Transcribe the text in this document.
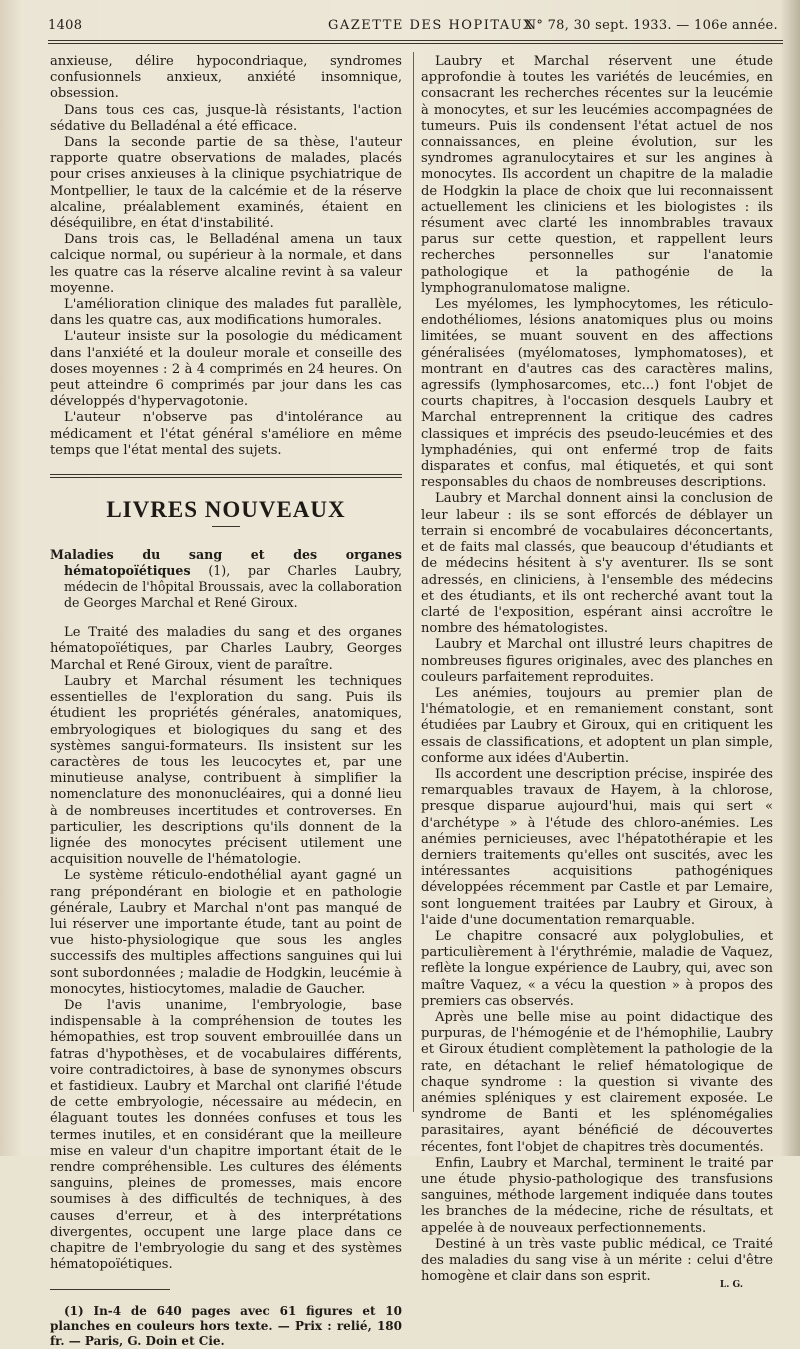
1408	GAZETTE DES HOPITAUX
N° 78, 30 sept. 1933. — 106e année.

anxieuse, délire hypocondriaque, syndromes confusionnels anxieux, anxiété insomnique, obsession.

Dans tous ces cas, jusque-là résistants, l'action sédative du Belladénal a été efficace.

Dans la seconde partie de sa thèse, l'auteur rapporte quatre observations de malades, placés pour crises anxieuses à la clinique psychiatrique de Montpellier, le taux de la calcémie et de la réserve alcaline, préalablement examinés, étaient en déséquilibre, en état d'instabilité.

Dans trois cas, le Belladénal amena un taux calcique normal, ou supérieur à la normale, et dans les quatre cas la réserve alcaline revint à sa valeur moyenne.

L'amélioration clinique des malades fut parallèle, dans les quatre cas, aux modifications humorales.

L'auteur insiste sur la posologie du médicament dans l'anxiété et la douleur morale et conseille des doses moyennes : 2 à 4 comprimés en 24 heures. On peut atteindre 6 comprimés par jour dans les cas développés d'hypervagotonie.

L'auteur n'observe pas d'intolérance au médicament et l'état général s'améliore en même temps que l'état mental des sujets.

LIVRES NOUVEAUX
Maladies du sang et des organes hématopoïétiques (1), par Charles Laubry, médecin de l'hôpital Broussais, avec la collaboration de Georges Marchal et René Giroux.

Le Traité des maladies du sang et des organes hématopoïétiques, par Charles Laubry, Georges Marchal et René Giroux, vient de paraître.

Laubry et Marchal résument les techniques essentielles de l'exploration du sang. Puis ils étudient les propriétés générales, anatomiques, embryologiques et biologiques du sang et des systèmes sangui-formateurs. Ils insistent sur les caractères de tous les leucocytes et, par une minutieuse analyse, contribuent à simplifier la nomenclature des mononucléaires, qui a donné lieu à de nombreuses incertitudes et controverses. En particulier, les descriptions qu'ils donnent de la lignée des monocytes précisent utilement une acquisition nouvelle de l'hématologie.

Le système réticulo-endothélial ayant gagné un rang prépondérant en biologie et en pathologie générale, Laubry et Marchal n'ont pas manqué de lui réserver une importante étude, tant au point de vue histo-physiologique que sous les angles successifs des multiples affections sanguines qui lui sont subordonnées ; maladie de Hodgkin, leucémie à monocytes, histiocytomes, maladie de Gaucher.

De l'avis unanime, l'embryologie, base indispensable à la compréhension de toutes les hémopathies, est trop souvent embrouillée dans un fatras d'hypothèses, et de vocabulaires différents, voire contradictoires, à base de synonymes obscurs et fastidieux. Laubry et Marchal ont clarifié l'étude de cette embryologie, nécessaire au médecin, en élaguant toutes les données confuses et tous les termes inutiles, et en considérant que la meilleure mise en valeur d'un chapitre important était de le rendre compréhensible. Les cultures des éléments sanguins, pleines de promesses, mais encore soumises à des difficultés de techniques, à des causes d'erreur, et à des interprétations divergentes, occupent une large place dans ce chapitre de l'embryologie du sang et des systèmes hématopoïétiques.

(1) In-4 de 640 pages avec 61 figures et 10 planches en couleurs hors texte. — Prix : relié, 180 fr. — Paris, G. Doin et Cie.

Laubry et Marchal réservent une étude approfondie à toutes les variétés de leucémies, en consacrant les recherches récentes sur la leucémie à monocytes, et sur les leucémies accompagnées de tumeurs. Puis ils condensent l'état actuel de nos connaissances, en pleine évolution, sur les syndromes agranulocytaires et sur les angines à monocytes. Ils accordent un chapitre de la maladie de Hodgkin la place de choix que lui reconnaissent actuellement les cliniciens et les biologistes : ils résument avec clarté les innombrables travaux parus sur cette question, et rappellent leurs recherches personnelles sur l'anatomie pathologique et la pathogénie de la lymphogranulomatose maligne.

Les myélomes, les lymphocytomes, les réticulo-endothéliomes, lésions anatomiques plus ou moins limitées, se muant souvent en des affections généralisées (myélomatoses, lymphomatoses), et montrant en d'autres cas des caractères malins, agressifs (lymphosarcomes, etc...) font l'objet de courts chapitres, à l'occasion desquels Laubry et Marchal entreprennent la critique des cadres classiques et imprécis des pseudo-leucémies et des lymphadénies, qui ont enfermé trop de faits disparates et confus, mal étiquetés, et qui sont responsables du chaos de nombreuses descriptions.

Laubry et Marchal donnent ainsi la conclusion de leur labeur : ils se sont efforcés de déblayer un terrain si encombré de vocabulaires déconcertants, et de faits mal classés, que beaucoup d'étudiants et de médecins hésitent à s'y aventurer. Ils se sont adressés, en cliniciens, à l'ensemble des médecins et des étudiants, et ils ont recherché avant tout la clarté de l'exposition, espérant ainsi accroître le nombre des hématologistes.

Laubry et Marchal ont illustré leurs chapitres de nombreuses figures originales, avec des planches en couleurs parfaitement reproduites.

Les anémies, toujours au premier plan de l'hématologie, et en remaniement constant, sont étudiées par Laubry et Giroux, qui en critiquent les essais de classifications, et adoptent un plan simple, conforme aux idées d'Aubertin.

Ils accordent une description précise, inspirée des remarquables travaux de Hayem, à la chlorose, presque disparue aujourd'hui, mais qui sert « d'archétype » à l'étude des chloro-anémies. Les anémies pernicieuses, avec l'hépatothérapie et les derniers traitements qu'elles ont suscités, avec les intéressantes acquisitions pathogéniques développées récemment par Castle et par Lemaire, sont longuement traitées par Laubry et Giroux, à l'aide d'une documentation remarquable.

Le chapitre consacré aux polyglobulies, et particulièrement à l'érythrémie, maladie de Vaquez, reflète la longue expérience de Laubry, qui, avec son maître Vaquez, « a vécu la question » à propos des premiers cas observés.

Après une belle mise au point didactique des purpuras, de l'hémogénie et de l'hémophilie, Laubry et Giroux étudient complètement la pathologie de la rate, en détachant le relief hématologique de chaque syndrome : la question si vivante des anémies spléniques y est clairement exposée. Le syndrome de Banti et les splénomégalies parasitaires, ayant bénéficié de découvertes récentes, font l'objet de chapitres très documentés.

Enfin, Laubry et Marchal, terminent le traité par une étude physio-pathologique des transfusions sanguines, méthode largement indiquée dans toutes les branches de la médecine, riche de résultats, et appelée à de nouveaux perfectionnements.

Destiné à un très vaste public médical, ce Traité des maladies du sang vise à un mérite : celui d'être homogène et clair dans son esprit.

L. G.
